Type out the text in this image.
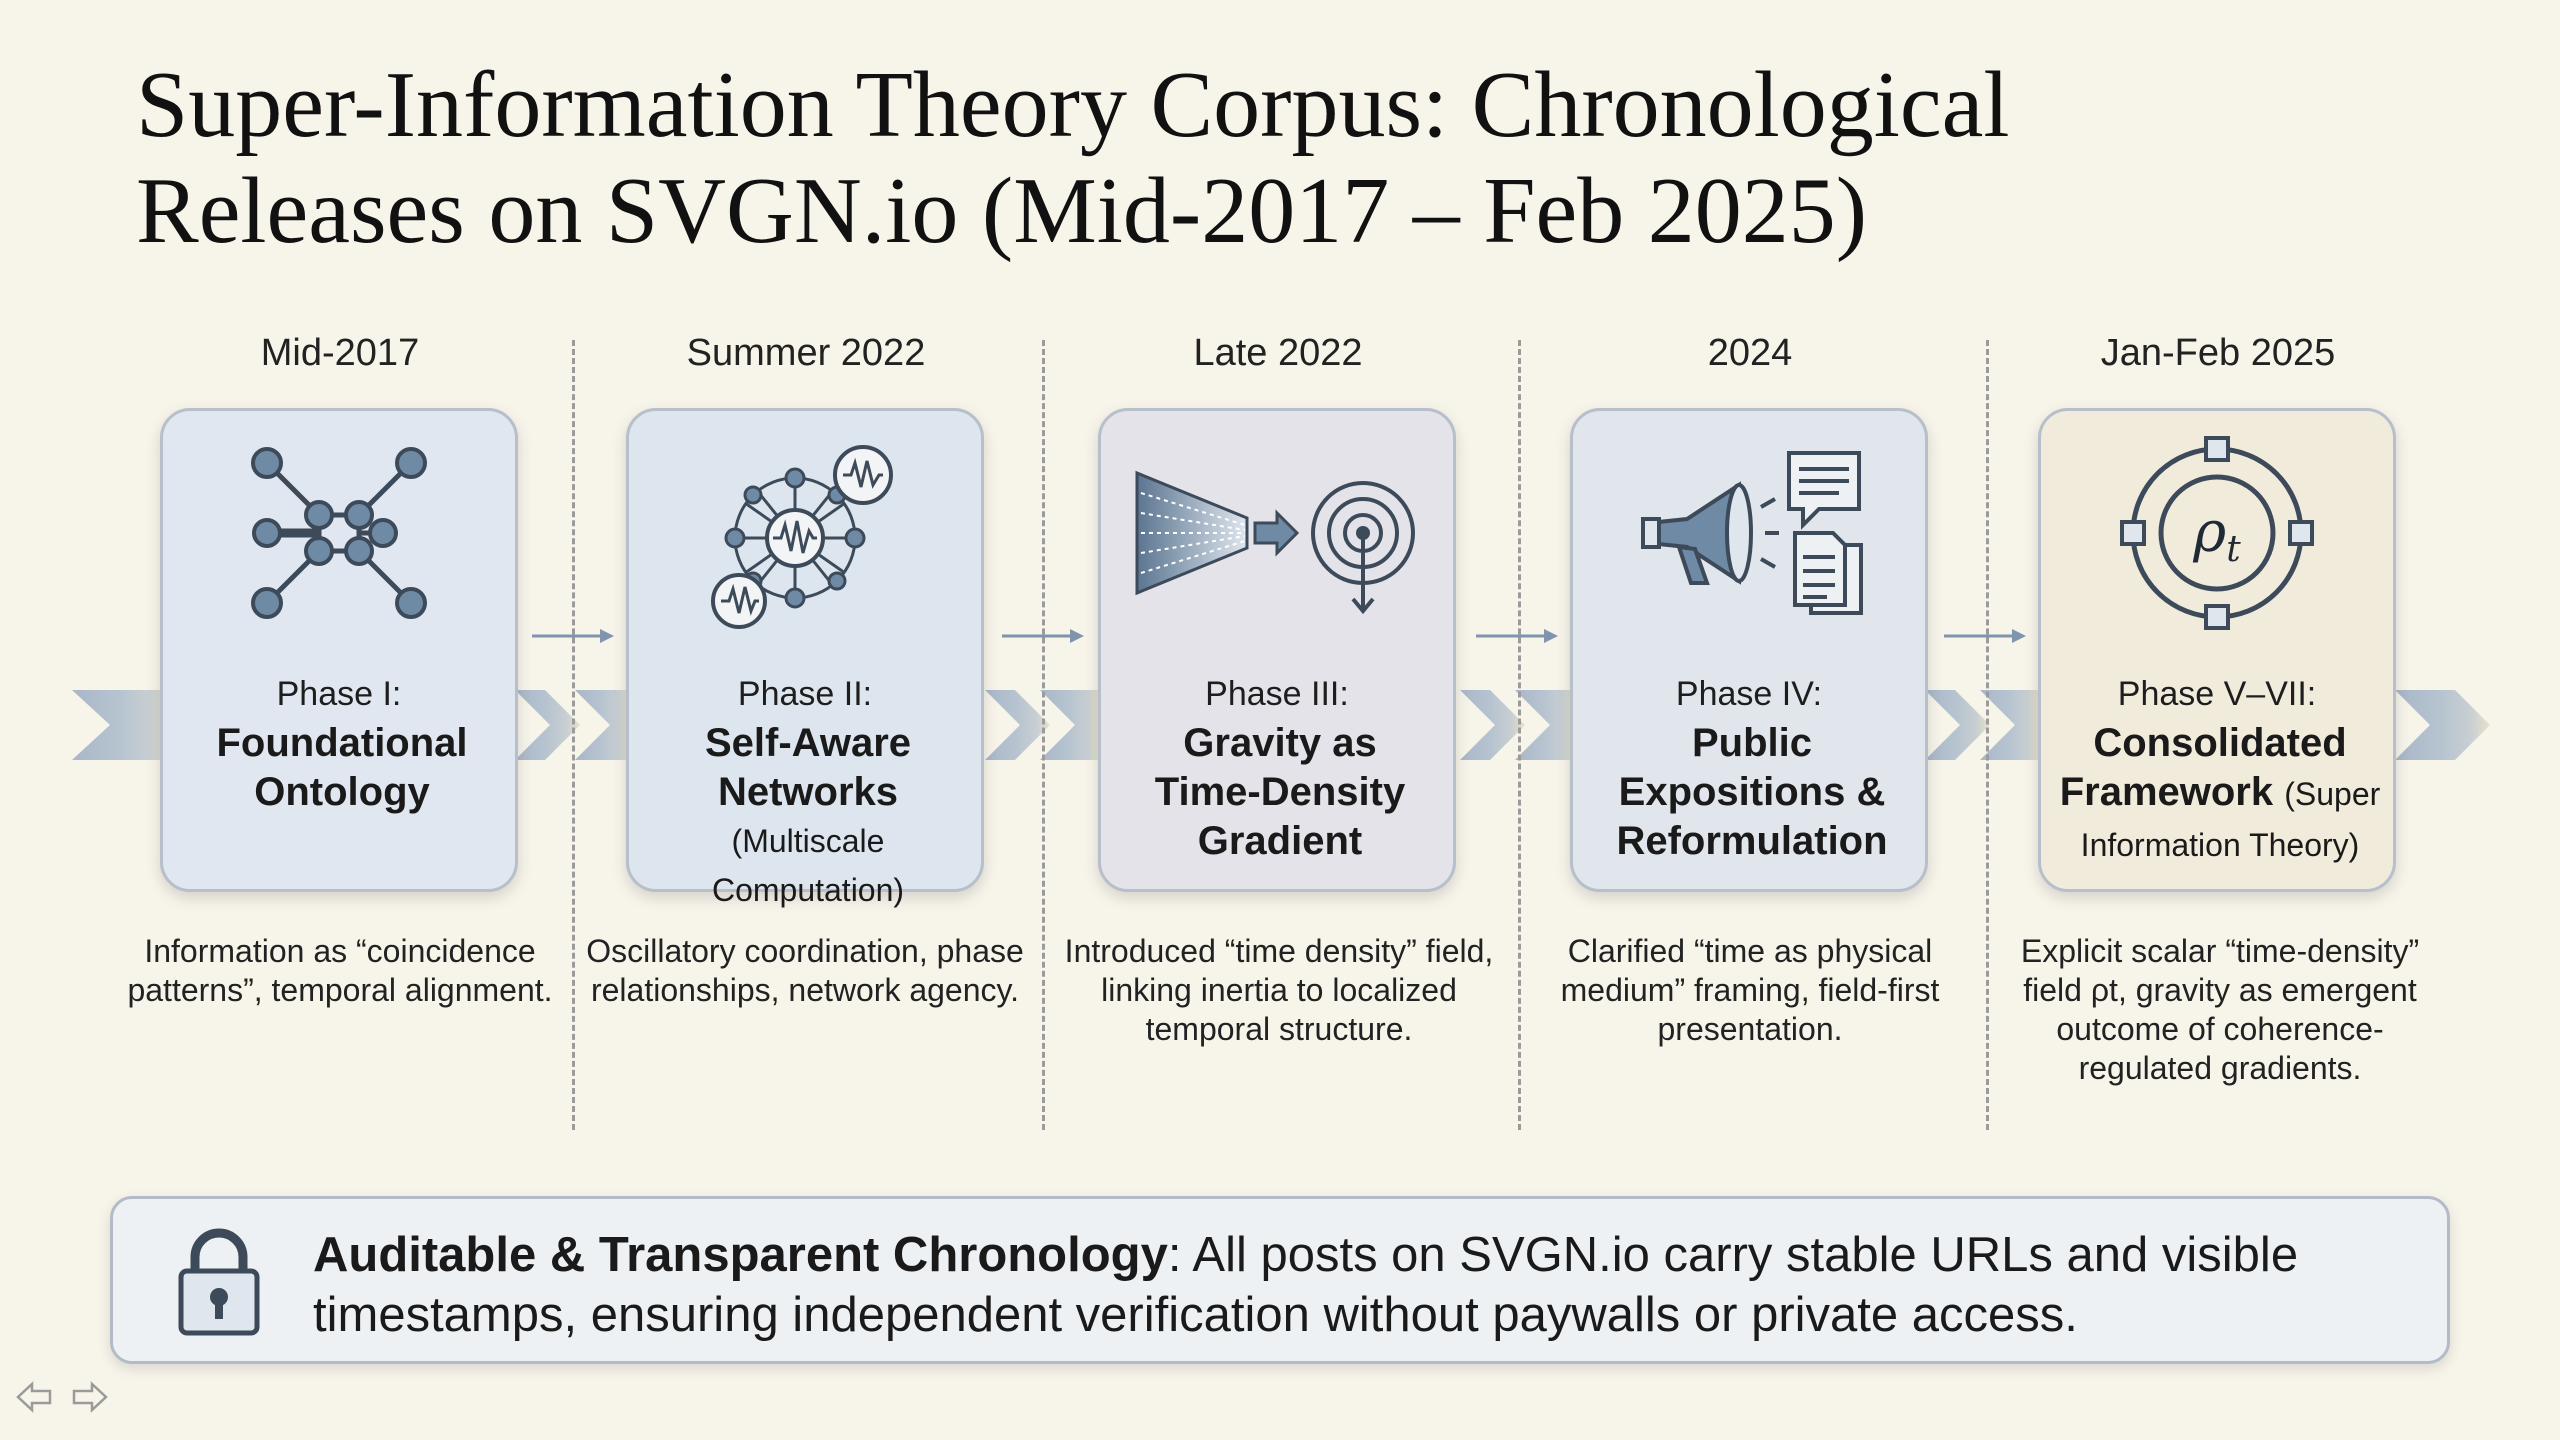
Super-Information Theory Corpus: Chronological
Releases on SVGN.io (Mid-2017 – Feb 2025)
Mid-2017
Phase I:
Foundational Ontology
Information as “coincidence patterns”, temporal alignment.
Summer 2022
Phase II:
Self-Aware Networks
(Multiscale Computation)
Oscillatory coordination, phase relationships, network agency.
Late 2022
Phase III:
Gravity as Time-Density Gradient
Introduced “time density” field, linking inertia to localized temporal structure.
2024
Phase IV:
Public Expositions & Reformulation
Clarified “time as physical medium” framing, field-first presentation.
Jan-Feb 2025
ρt
Phase V–VII:
Consolidated Framework (Super Information Theory)
Explicit scalar “time-density” field ρt, gravity as emergent outcome of coherence-regulated gradients.
Auditable & Transparent Chronology: All posts on SVGN.io carry stable URLs and visible timestamps, ensuring independent verification without paywalls or private access.
